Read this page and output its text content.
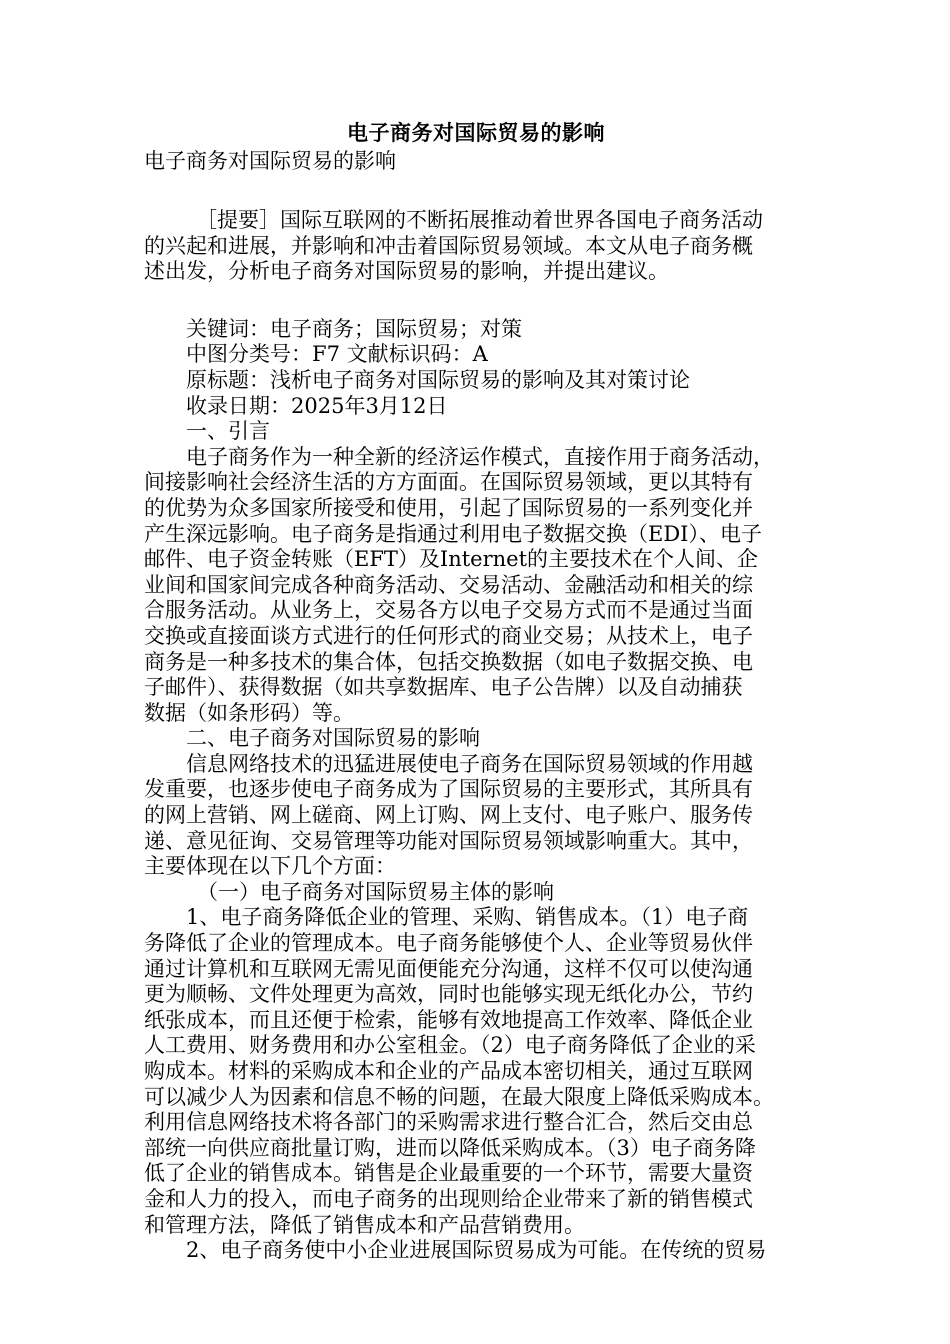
电子商务对国际贸易的影响
电子商务对国际贸易的影响
［提要］国际互联网的不断拓展推动着世界各国电子商务活动
的兴起和进展，并影响和冲击着国际贸易领域。本文从电子商务概
述出发，分析电子商务对国际贸易的影响，并提出建议。
关键词：电子商务；国际贸易；对策
中图分类号：F7 文献标识码：A
原标题：浅析电子商务对国际贸易的影响及其对策讨论
收录日期：2025年3月12日
一、引言
电子商务作为一种全新的经济运作模式，直接作用于商务活动，
间接影响社会经济生活的方方面面。在国际贸易领域，更以其特有
的优势为众多国家所接受和使用，引起了国际贸易的一系列变化并
产生深远影响。电子商务是指通过利用电子数据交换（EDI）、电子
邮件、电子资金转账（EFT）及Internet的主要技术在个人间、企
业间和国家间完成各种商务活动、交易活动、金融活动和相关的综
合服务活动。从业务上，交易各方以电子交易方式而不是通过当面
交换或直接面谈方式进行的任何形式的商业交易；从技术上，电子
商务是一种多技术的集合体，包括交换数据（如电子数据交换、电
子邮件）、获得数据（如共享数据库、电子公告牌）以及自动捕获
数据（如条形码）等。
二、电子商务对国际贸易的影响
信息网络技术的迅猛进展使电子商务在国际贸易领域的作用越
发重要，也逐步使电子商务成为了国际贸易的主要形式，其所具有
的网上营销、网上磋商、网上订购、网上支付、电子账户、服务传
递、意见征询、交易管理等功能对国际贸易领域影响重大。其中，
主要体现在以下几个方面：
（一）电子商务对国际贸易主体的影响
1、电子商务降低企业的管理、采购、销售成本。（1）电子商
务降低了企业的管理成本。电子商务能够使个人、企业等贸易伙伴
通过计算机和互联网无需见面便能充分沟通，这样不仅可以使沟通
更为顺畅、文件处理更为高效，同时也能够实现无纸化办公，节约
纸张成本，而且还便于检索，能够有效地提高工作效率、降低企业
人工费用、财务费用和办公室租金。（2）电子商务降低了企业的采
购成本。材料的采购成本和企业的产品成本密切相关，通过互联网
可以减少人为因素和信息不畅的问题，在最大限度上降低采购成本。
利用信息网络技术将各部门的采购需求进行整合汇合，然后交由总
部统一向供应商批量订购，进而以降低采购成本。（3）电子商务降
低了企业的销售成本。销售是企业最重要的一个环节，需要大量资
金和人力的投入，而电子商务的出现则给企业带来了新的销售模式
和管理方法，降低了销售成本和产品营销费用。
2、电子商务使中小企业进展国际贸易成为可能。在传统的贸易
